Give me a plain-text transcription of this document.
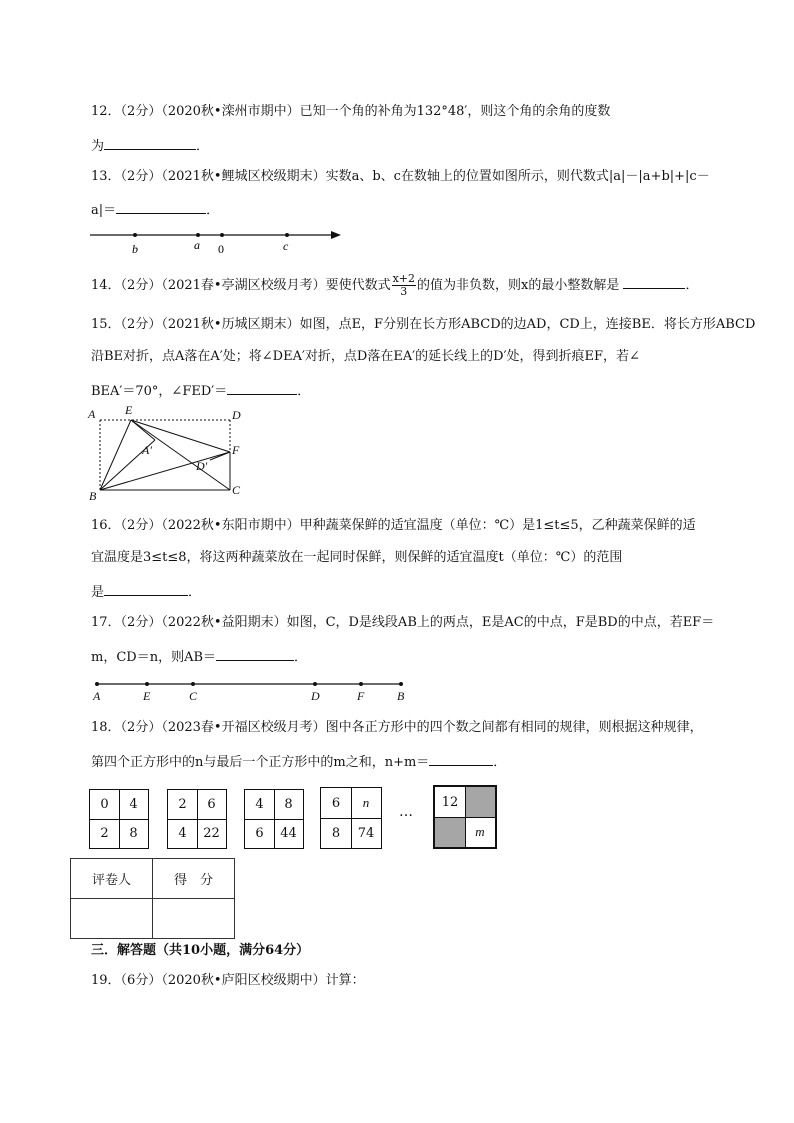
12．（2分）（2020秋•滦州市期中）已知一个角的补角为132°48′，则这个角的余角的度数
为	．
13．（2分）（2021秋•鲤城区校级期末）实数a、b、c在数轴上的位置如图所示，则代数式|a|－|a+b|+|c－
a|＝	．
b	a 0	c
14．（2分）（2021春•亭湖区校级月考）要使代数式 $\frac{x+2}{3}$ 的值为非负数，则x的最小整数解是	．
15．（2分）（2021秋•历城区期末）如图，点E，F分别在长方形ABCD的边AD，CD上，连接BE．将长方形ABCD
沿BE对折，点A落在A′处；将∠DEA′对折，点D落在EA′的延长线上的D′处，得到折痕EF，若∠
BEA′＝70°，∠FED′＝	．
A E	D
A′	F
D′
B	C
16．（2分）（2022秋•东阳市期中）甲种蔬菜保鲜的适宜温度（单位：℃）是1≤t≤5，乙种蔬菜保鲜的适
宜温度是3≤t≤8，将这两种蔬菜放在一起同时保鲜，则保鲜的适宜温度t（单位：℃）的范围
是	．
17．（2分）（2022秋•益阳期末）如图，C，D是线段AB上的两点，E是AC的中点，F是BD的中点，若EF＝
m，CD＝n，则AB＝	．
A	E	C	D	F	B
18．（2分）（2023春•开福区校级月考）图中各正方形中的四个数之间都有相同的规律，则根据这种规律，
第四个正方形中的n与最后一个正方形中的m之和，n+m＝	．
0	4
2	8
2	6
4	22
4	8
6	44
6	n
8	74
…
12
m
评卷人	得　分

三．解答题（共10小题，满分64分）
19．（6分）（2020秋•庐阳区校级期中）计算：
